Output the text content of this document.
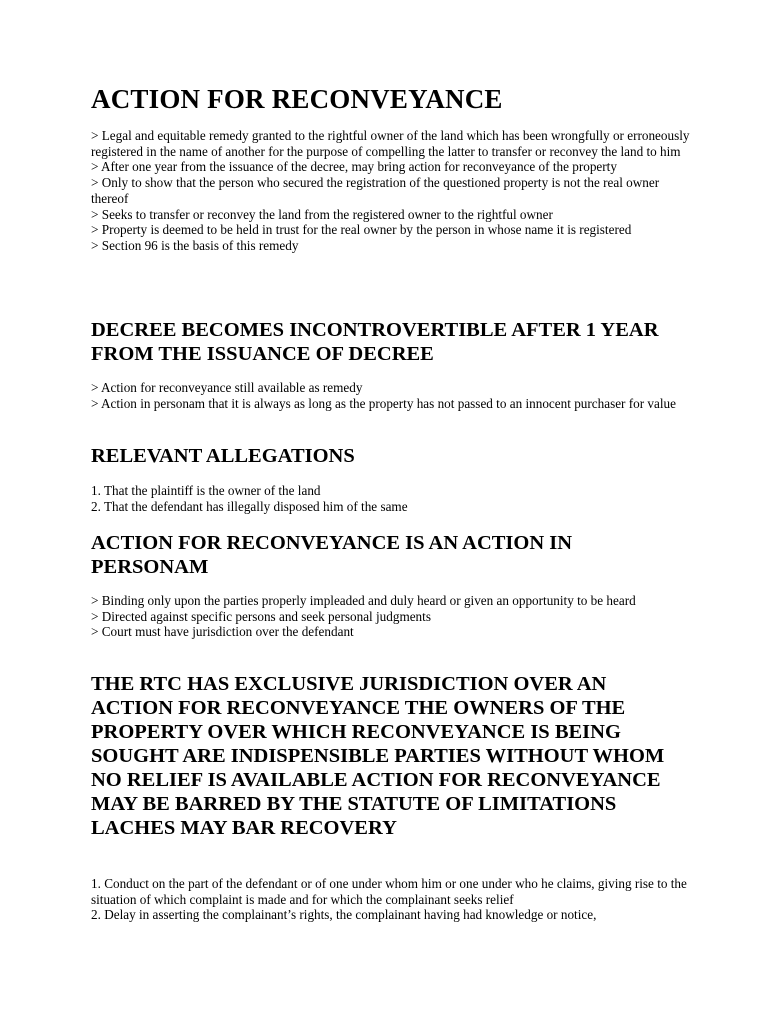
ACTION FOR RECONVEYANCE

> Legal and equitable remedy granted to the rightful owner of the land which has been wrongfully or erroneously registered in the name of another for the purpose of compelling the latter to transfer or reconvey the land to him

> After one year from the issuance of the decree, may bring action for reconveyance of the property

> Only to show that the person who secured the registration of the questioned property is not the real owner thereof

> Seeks to transfer or reconvey the land from the registered owner to the rightful owner

> Property is deemed to be held in trust for the real owner by the person in whose name it is registered

> Section 96 is the basis of this remedy

DECREE BECOMES INCONTROVERTIBLE AFTER 1 YEAR FROM THE ISSUANCE OF DECREE

> Action for reconveyance still available as remedy

> Action in personam that it is always as long as the property has not passed to an innocent purchaser for value

RELEVANT ALLEGATIONS

1. That the plaintiff is the owner of the land

2. That the defendant has illegally disposed him of the same

ACTION FOR RECONVEYANCE IS AN ACTION IN PERSONAM

> Binding only upon the parties properly impleaded and duly heard or given an opportunity to be heard

> Directed against specific persons and seek personal judgments

> Court must have jurisdiction over the defendant

THE RTC HAS EXCLUSIVE JURISDICTION OVER AN ACTION FOR RECONVEYANCE THE OWNERS OF THE PROPERTY OVER WHICH RECONVEYANCE IS BEING SOUGHT ARE INDISPENSIBLE PARTIES WITHOUT WHOM NO RELIEF IS AVAILABLE ACTION FOR RECONVEYANCE MAY BE BARRED BY THE STATUTE OF LIMITATIONS LACHES MAY BAR RECOVERY

1. Conduct on the part of the defendant or of one under whom him or one under who he claims, giving rise to the situation of which complaint is made and for which the complainant seeks relief

2. Delay in asserting the complainant’s rights, the complainant having had knowledge or notice,
